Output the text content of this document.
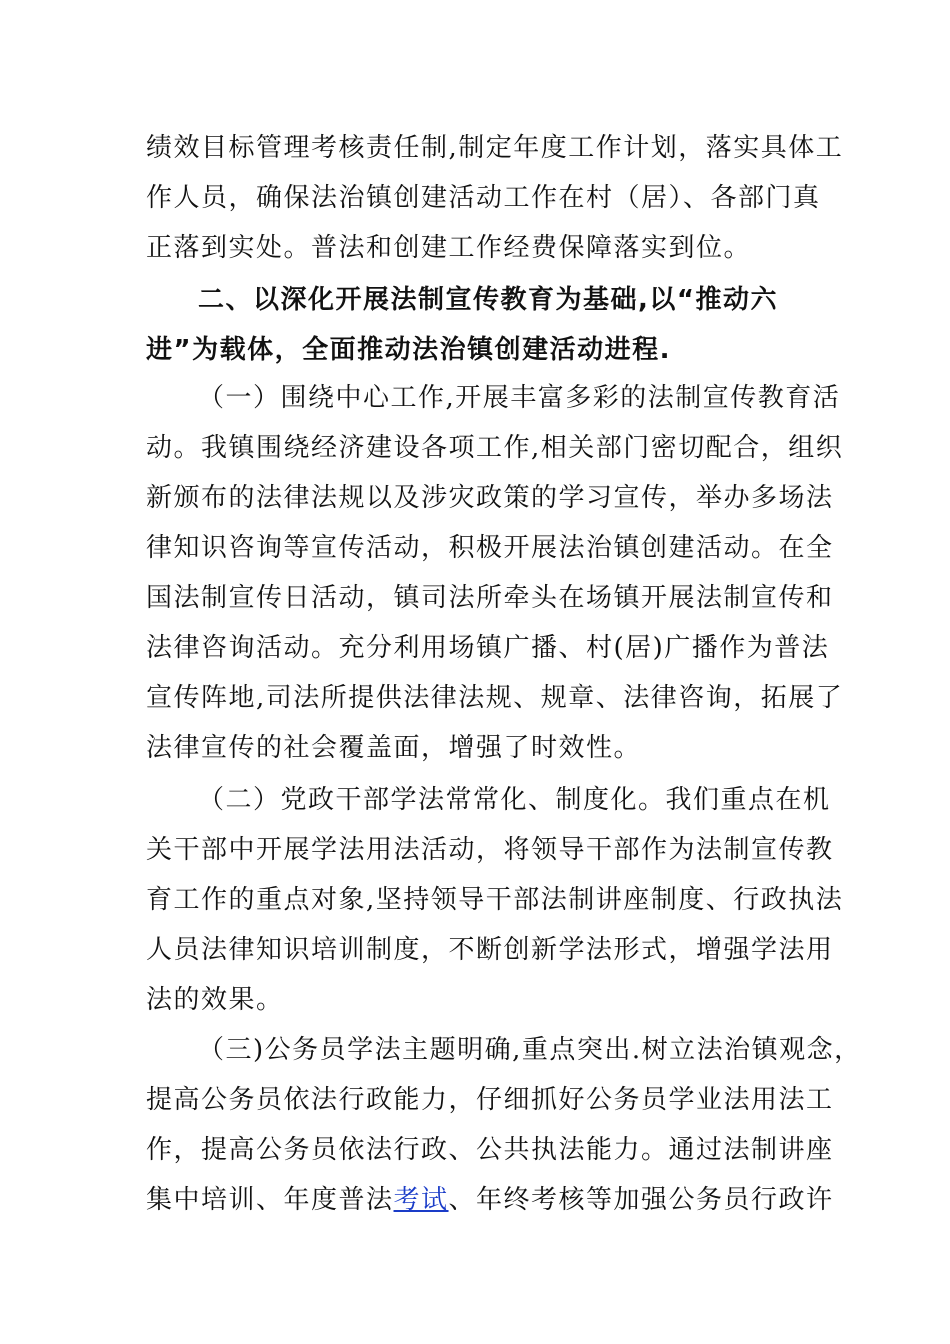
绩效目标管理考核责任制,制定年度工作计划，落实具体工
作人员，确保法治镇创建活动工作在村（居）、各部门真
正落到实处。普法和创建工作经费保障落实到位。
二、以深化开展法制宣传教育为基础,以“推动六
进”为载体，全面推动法治镇创建活动进程.
（一）围绕中心工作,开展丰富多彩的法制宣传教育活
动。我镇围绕经济建设各项工作,相关部门密切配合，组织
新颁布的法律法规以及涉灾政策的学习宣传，举办多场法
律知识咨询等宣传活动，积极开展法治镇创建活动。在全
国法制宣传日活动，镇司法所牵头在场镇开展法制宣传和
法律咨询活动。充分利用场镇广播、村(居)广播作为普法
宣传阵地,司法所提供法律法规、规章、法律咨询，拓展了
法律宣传的社会覆盖面，增强了时效性。
（二）党政干部学法常常化、制度化。我们重点在机
关干部中开展学法用法活动，将领导干部作为法制宣传教
育工作的重点对象,坚持领导干部法制讲座制度、行政执法
人员法律知识培训制度，不断创新学法形式，增强学法用
法的效果。
（三)公务员学法主题明确,重点突出.树立法治镇观念，
提高公务员依法行政能力，仔细抓好公务员学业法用法工
作，提高公务员依法行政、公共执法能力。通过法制讲座
集中培训、年度普法考试、年终考核等加强公务员行政许
